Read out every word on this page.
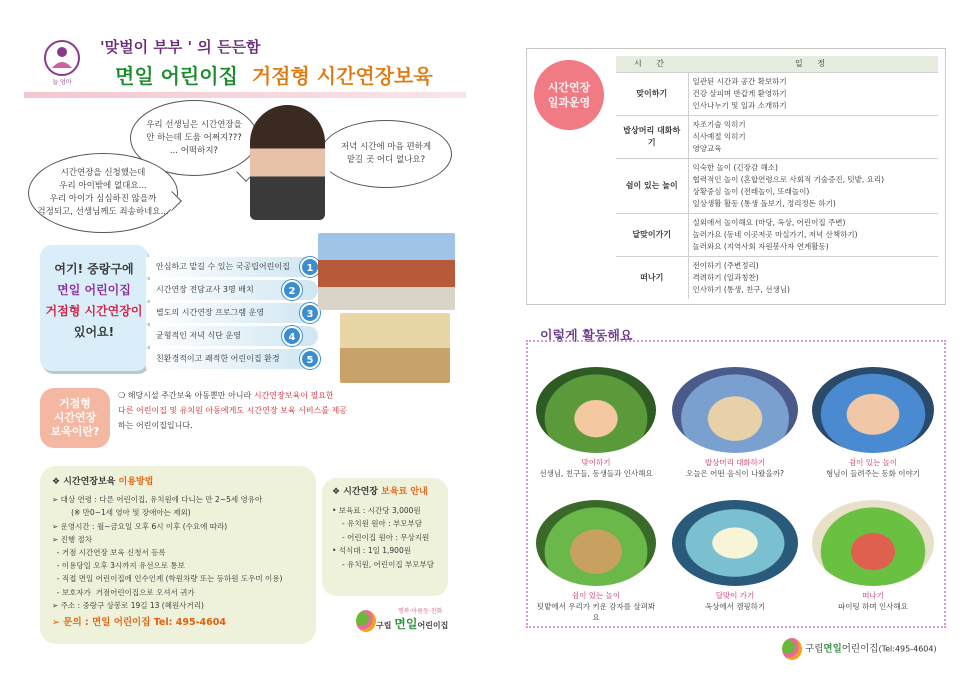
늘 엄마
'맞벌이 부부 ' 의 든든함
면일 어린이집 거점형 시간연장보육
우리 선생님은 시간연장을
안 하는데 도움 어쩌지???
... 어떡하지?
시간연장을 신청했는데
우리 아이밖에 없대요...
우리 아이가 심심하진 않을까
걱정되고, 선생님께도 죄송하네요...
저녁 시간에 마음 편하게
맡길 곳 어디 없나요?
여기! 중랑구에
면일 어린이집
거점형 시간연장이
있어요!
안심하고 맡길 수 있는 국공립어린이집	1
시간연장 전담교사 3명 배치	2
별도의 시간연장 프로그램 운영	3
균형적인 저녁 식단 운영	4
친환경적이고 쾌적한 어린이집 환경	5
거점형
시간연장
보육이란?
❍ 해당시설 주간보육 아동뿐만 아니라 시간연장보육이 필요한
다른 어린이집 및 유치원 아동에게도 시간연장 보육 서비스를 제공
하는 어린이집입니다.
❖ 시간연장보육 이용방법
➢ 대상 연령 : 다른 어린이집, 유치원에 다니는 만 2~5세 영유아
(※ 만0~1세 영아 및 장애아는 제외)
➢ 운영시간 : 월~금요일 오후 6시 이후 (수요에 따라)
➢ 진행 절차
- 거점 시간연장 보육 신청서 등록
- 이용당일 오후 3시까지 유선으로 통보
- 직접 면일 어린이집에 인수인계 (학원차량 또는 등하원 도우미 이용)
- 보호자가  거점어린이집으로 오셔서 귀가
➢ 주소 : 중랑구 상봉로 19길 13 (혜원사거리)
➢ 문의 : 면일 어린이집 Tel: 495-4604
❖ 시간연장 보육료 안내
• 보육료 : 시간당 3,000원
- 유치원 원아 : 부모부담
- 어린이집 원아 : 무상지원
• 석식대 : 1일 1,900원
- 유치원, 어린이집 부모부담
행복·아름동·친화
구립 면일어린이집
시간연장
일과운영
시 간	일 정
맞이하기	일관된 시간과 공간 확보하기
건강 살피며 반갑게 환영하기
인사나누기 및 일과 소개하기

밥상머리 대화하기	자조기술 익히기
식사예절 익히기
영양교육

쉼이 있는 놀이	익숙한 놀이 (긴장감 해소)
협력적인 놀이 (혼합연령으로 사회적 기술증진, 텃밭, 요리)
상황중심 놀이 (전래놀이, 또래놀이)
일상생활 활동 (통생 돌보기, 정리정돈 하기)

달맞이가기	실외에서 놀이해요 (마당, 옥상, 어린이집 주변)
놀러가요 (동네 이곳저곳 마실가기, 저녁 산책하기)
놀러와요 (지역사회 자원봉사자 연계활동)

떠나기	전이하기 (주변정리)
격려하기 (일과칭찬)
인사하기 (통생, 친구, 선생님)
이렇게 활동해요
맞이하기
선생님, 친구들, 동생들과 인사해요
밥상머리 대화하기
오늘은 어떤 음식이 나왔을까?
쉼이 있는 놀이
형님이 들려주는 동화 이야기
쉼이 있는 놀이
텃밭에서 우리가 키운 감자를 살펴봐요
달맞이 가기
옥상에서 캠핑하기
떠나기
파이팅 하며 인사해요
구립면일어린이집(Tel:495-4604)
